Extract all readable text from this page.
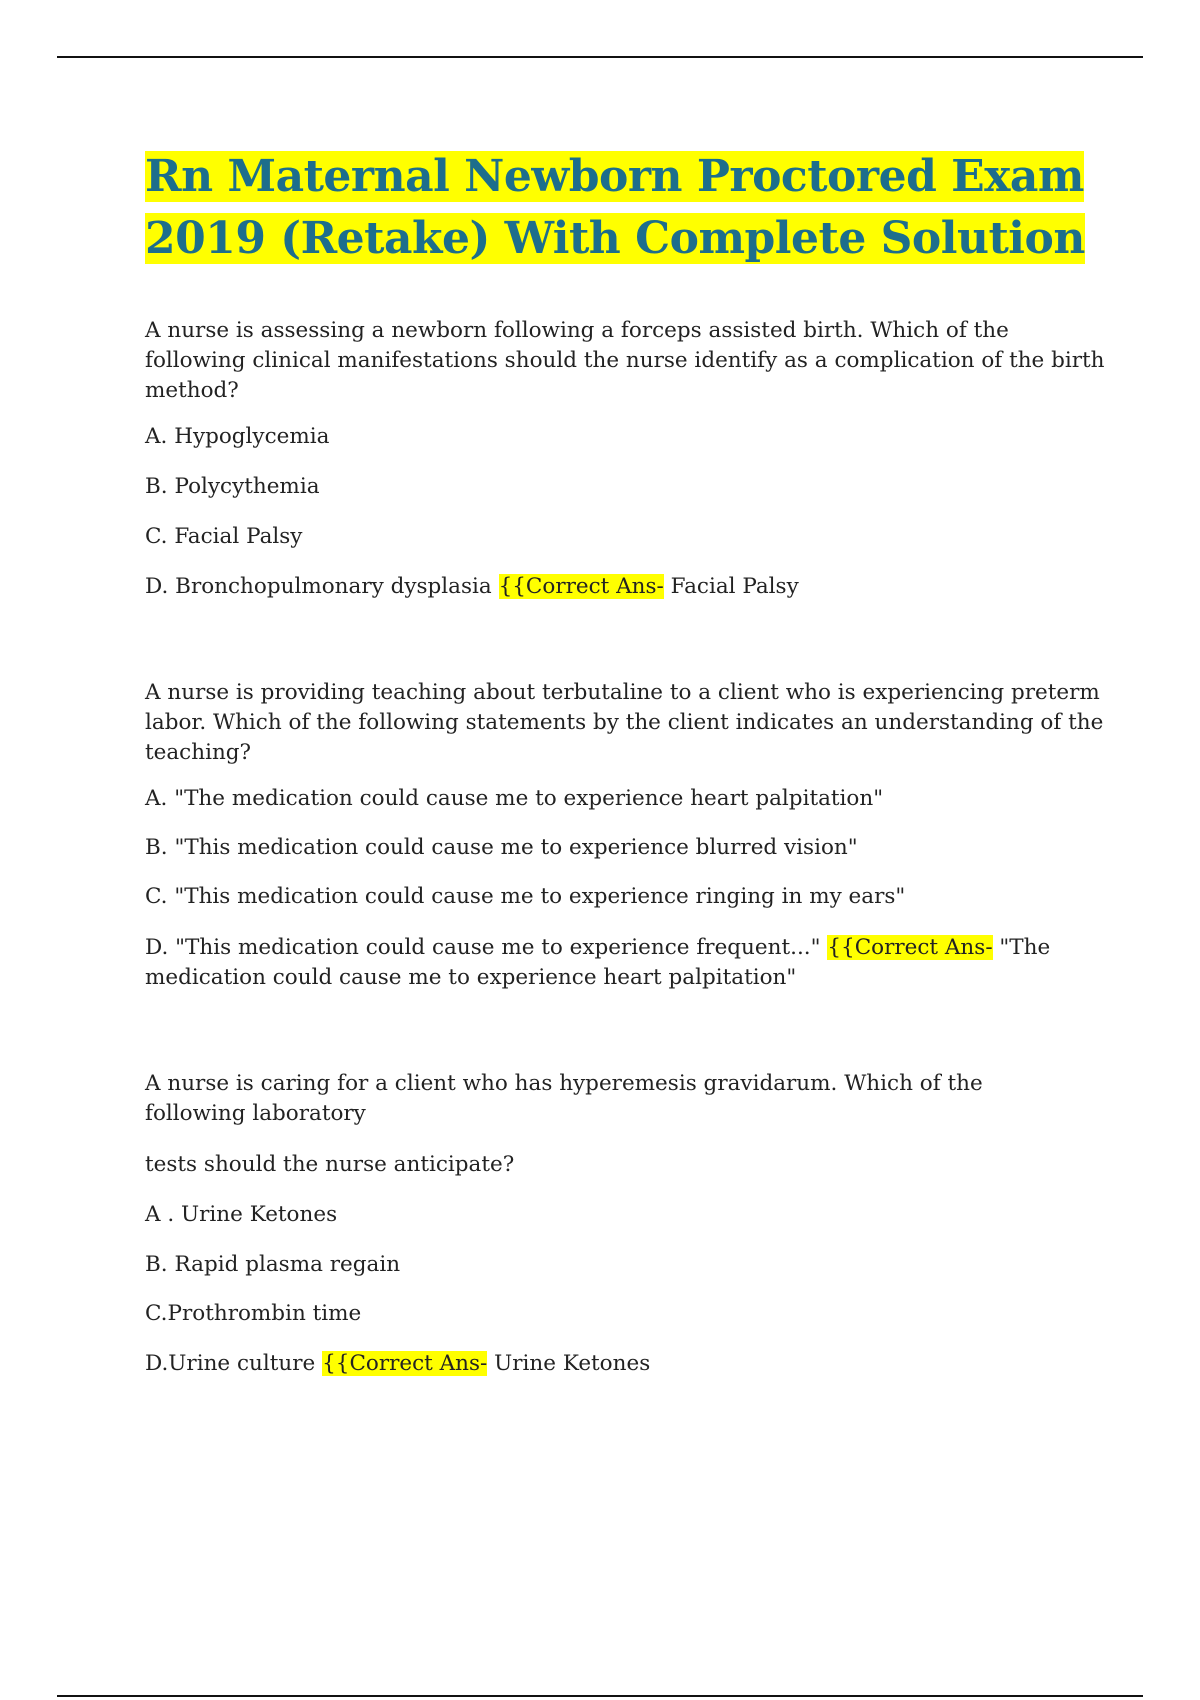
Rn Maternal Newborn Proctored Exam 2019 (Retake) With Complete Solution

A nurse is assessing a newborn following a forceps assisted birth. Which of the following clinical manifestations should the nurse identify as a complication of the birth method?

A. Hypoglycemia

B. Polycythemia

C. Facial Palsy

D. Bronchopulmonary dysplasia {{Correct Ans- Facial Palsy

A nurse is providing teaching about terbutaline to a client who is experiencing preterm labor. Which of the following statements by the client indicates an understanding of the teaching?

A. "The medication could cause me to experience heart palpitation"

B. "This medication could cause me to experience blurred vision"

C. "This medication could cause me to experience ringing in my ears"

D. "This medication could cause me to experience frequent..." {{Correct Ans- "The medication could cause me to experience heart palpitation"

A nurse is caring for a client who has hyperemesis gravidarum. Which of the following laboratory

tests should the nurse anticipate?

A . Urine Ketones

B. Rapid plasma regain

C.Prothrombin time

D.Urine culture {{Correct Ans- Urine Ketones
